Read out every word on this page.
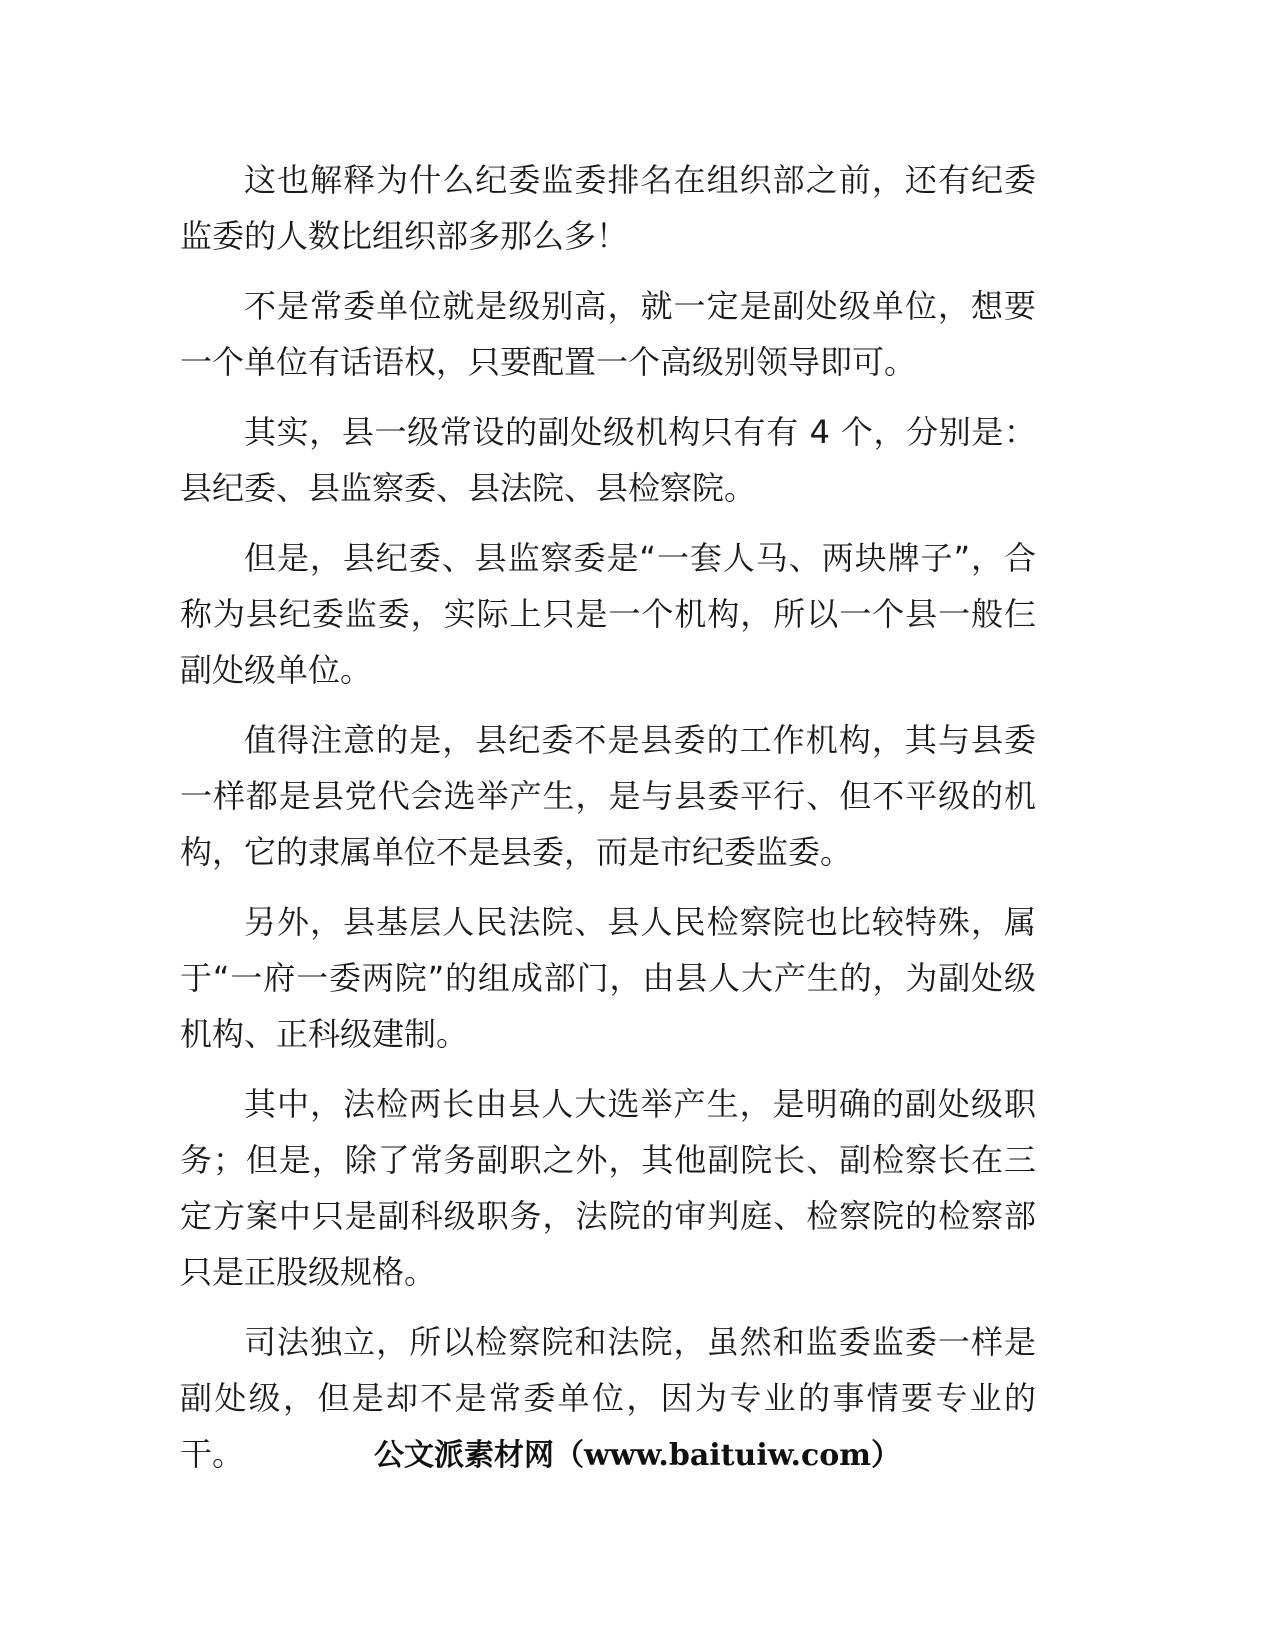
这也解释为什么纪委监委排名在组织部之前，还有纪委监委的人数比组织部多那么多！

不是常委单位就是级别高，就一定是副处级单位，想要一个单位有话语权，只要配置一个高级别领导即可。

其实，县一级常设的副处级机构只有有 4 个，分别是：县纪委、县监察委、县法院、县检察院。

但是，县纪委、县监察委是“一套人马、两块牌子”，合称为县纪委监委，实际上只是一个机构，所以一个县一般仨副处级单位。

值得注意的是，县纪委不是县委的工作机构，其与县委一样都是县党代会选举产生，是与县委平行、但不平级的机构，它的隶属单位不是县委，而是市纪委监委。

另外，县基层人民法院、县人民检察院也比较特殊，属于“一府一委两院”的组成部门，由县人大产生的，为副处级机构、正科级建制。

其中，法检两长由县人大选举产生，是明确的副处级职务；但是，除了常务副职之外，其他副院长、副检察长在三定方案中只是副科级职务，法院的审判庭、检察院的检察部只是正股级规格。

司法独立，所以检察院和法院，虽然和监委监委一样是副处级，但是却不是常委单位，因为专业的事情要专业的干。	公文派素材网（www.baituiw.com）
